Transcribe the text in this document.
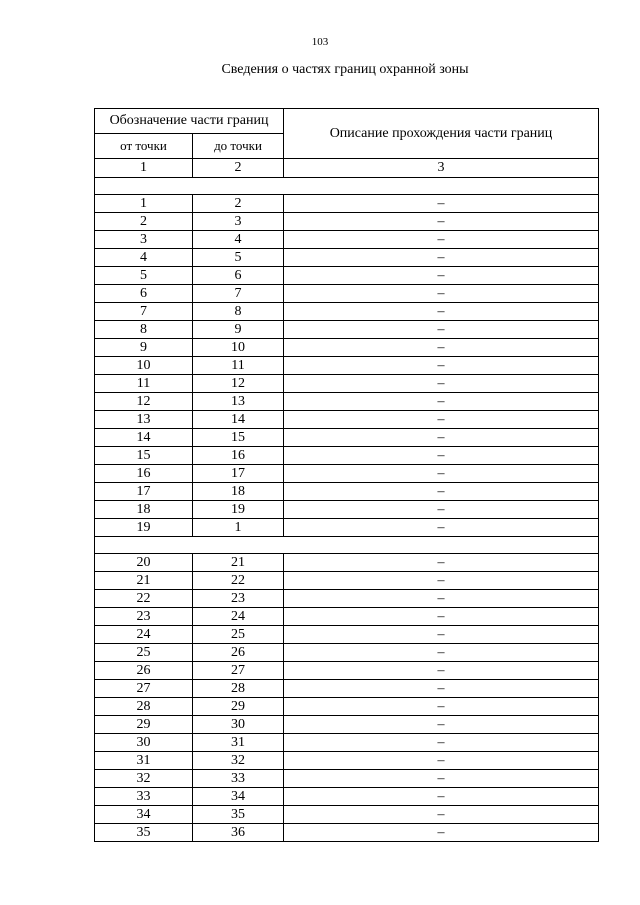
103
Сведения о частях границ охранной зоны
Обозначение части границ		Описание прохождения части границ
от точки	до точки	
1	2	3

1	2	–
2	3	–
3	4	–
4	5	–
5	6	–
6	7	–
7	8	–
8	9	–
9	10	–
10	11	–
11	12	–
12	13	–
13	14	–
14	15	–
15	16	–
16	17	–
17	18	–
18	19	–
19	1	–

20	21	–
21	22	–
22	23	–
23	24	–
24	25	–
25	26	–
26	27	–
27	28	–
28	29	–
29	30	–
30	31	–
31	32	–
32	33	–
33	34	–
34	35	–
35	36	–
